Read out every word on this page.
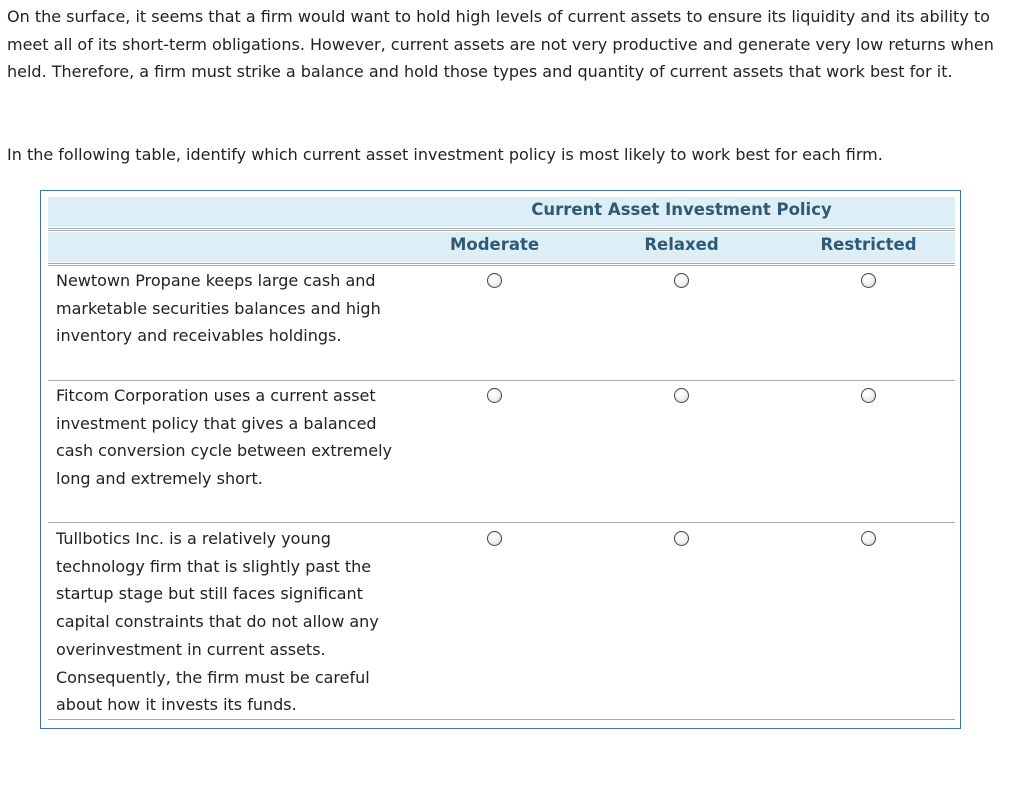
On the surface, it seems that a firm would want to hold high levels of current assets to ensure its liquidity and its ability to meet all of its short-term obligations. However, current assets are not very productive and generate very low returns when held. Therefore, a firm must strike a balance and hold those types and quantity of current assets that work best for it.

In the following table, identify which current asset investment policy is most likely to work best for each firm.

Current Asset Investment Policy
Moderate	Relaxed	Restricted

Newtown Propane keeps large cash and marketable securities balances and high inventory and receivables holdings.

Fitcom Corporation uses a current asset investment policy that gives a balanced cash conversion cycle between extremely long and extremely short.

Tullbotics Inc. is a relatively young technology firm that is slightly past the startup stage but still faces significant capital constraints that do not allow any overinvestment in current assets. Consequently, the firm must be careful about how it invests its funds.
